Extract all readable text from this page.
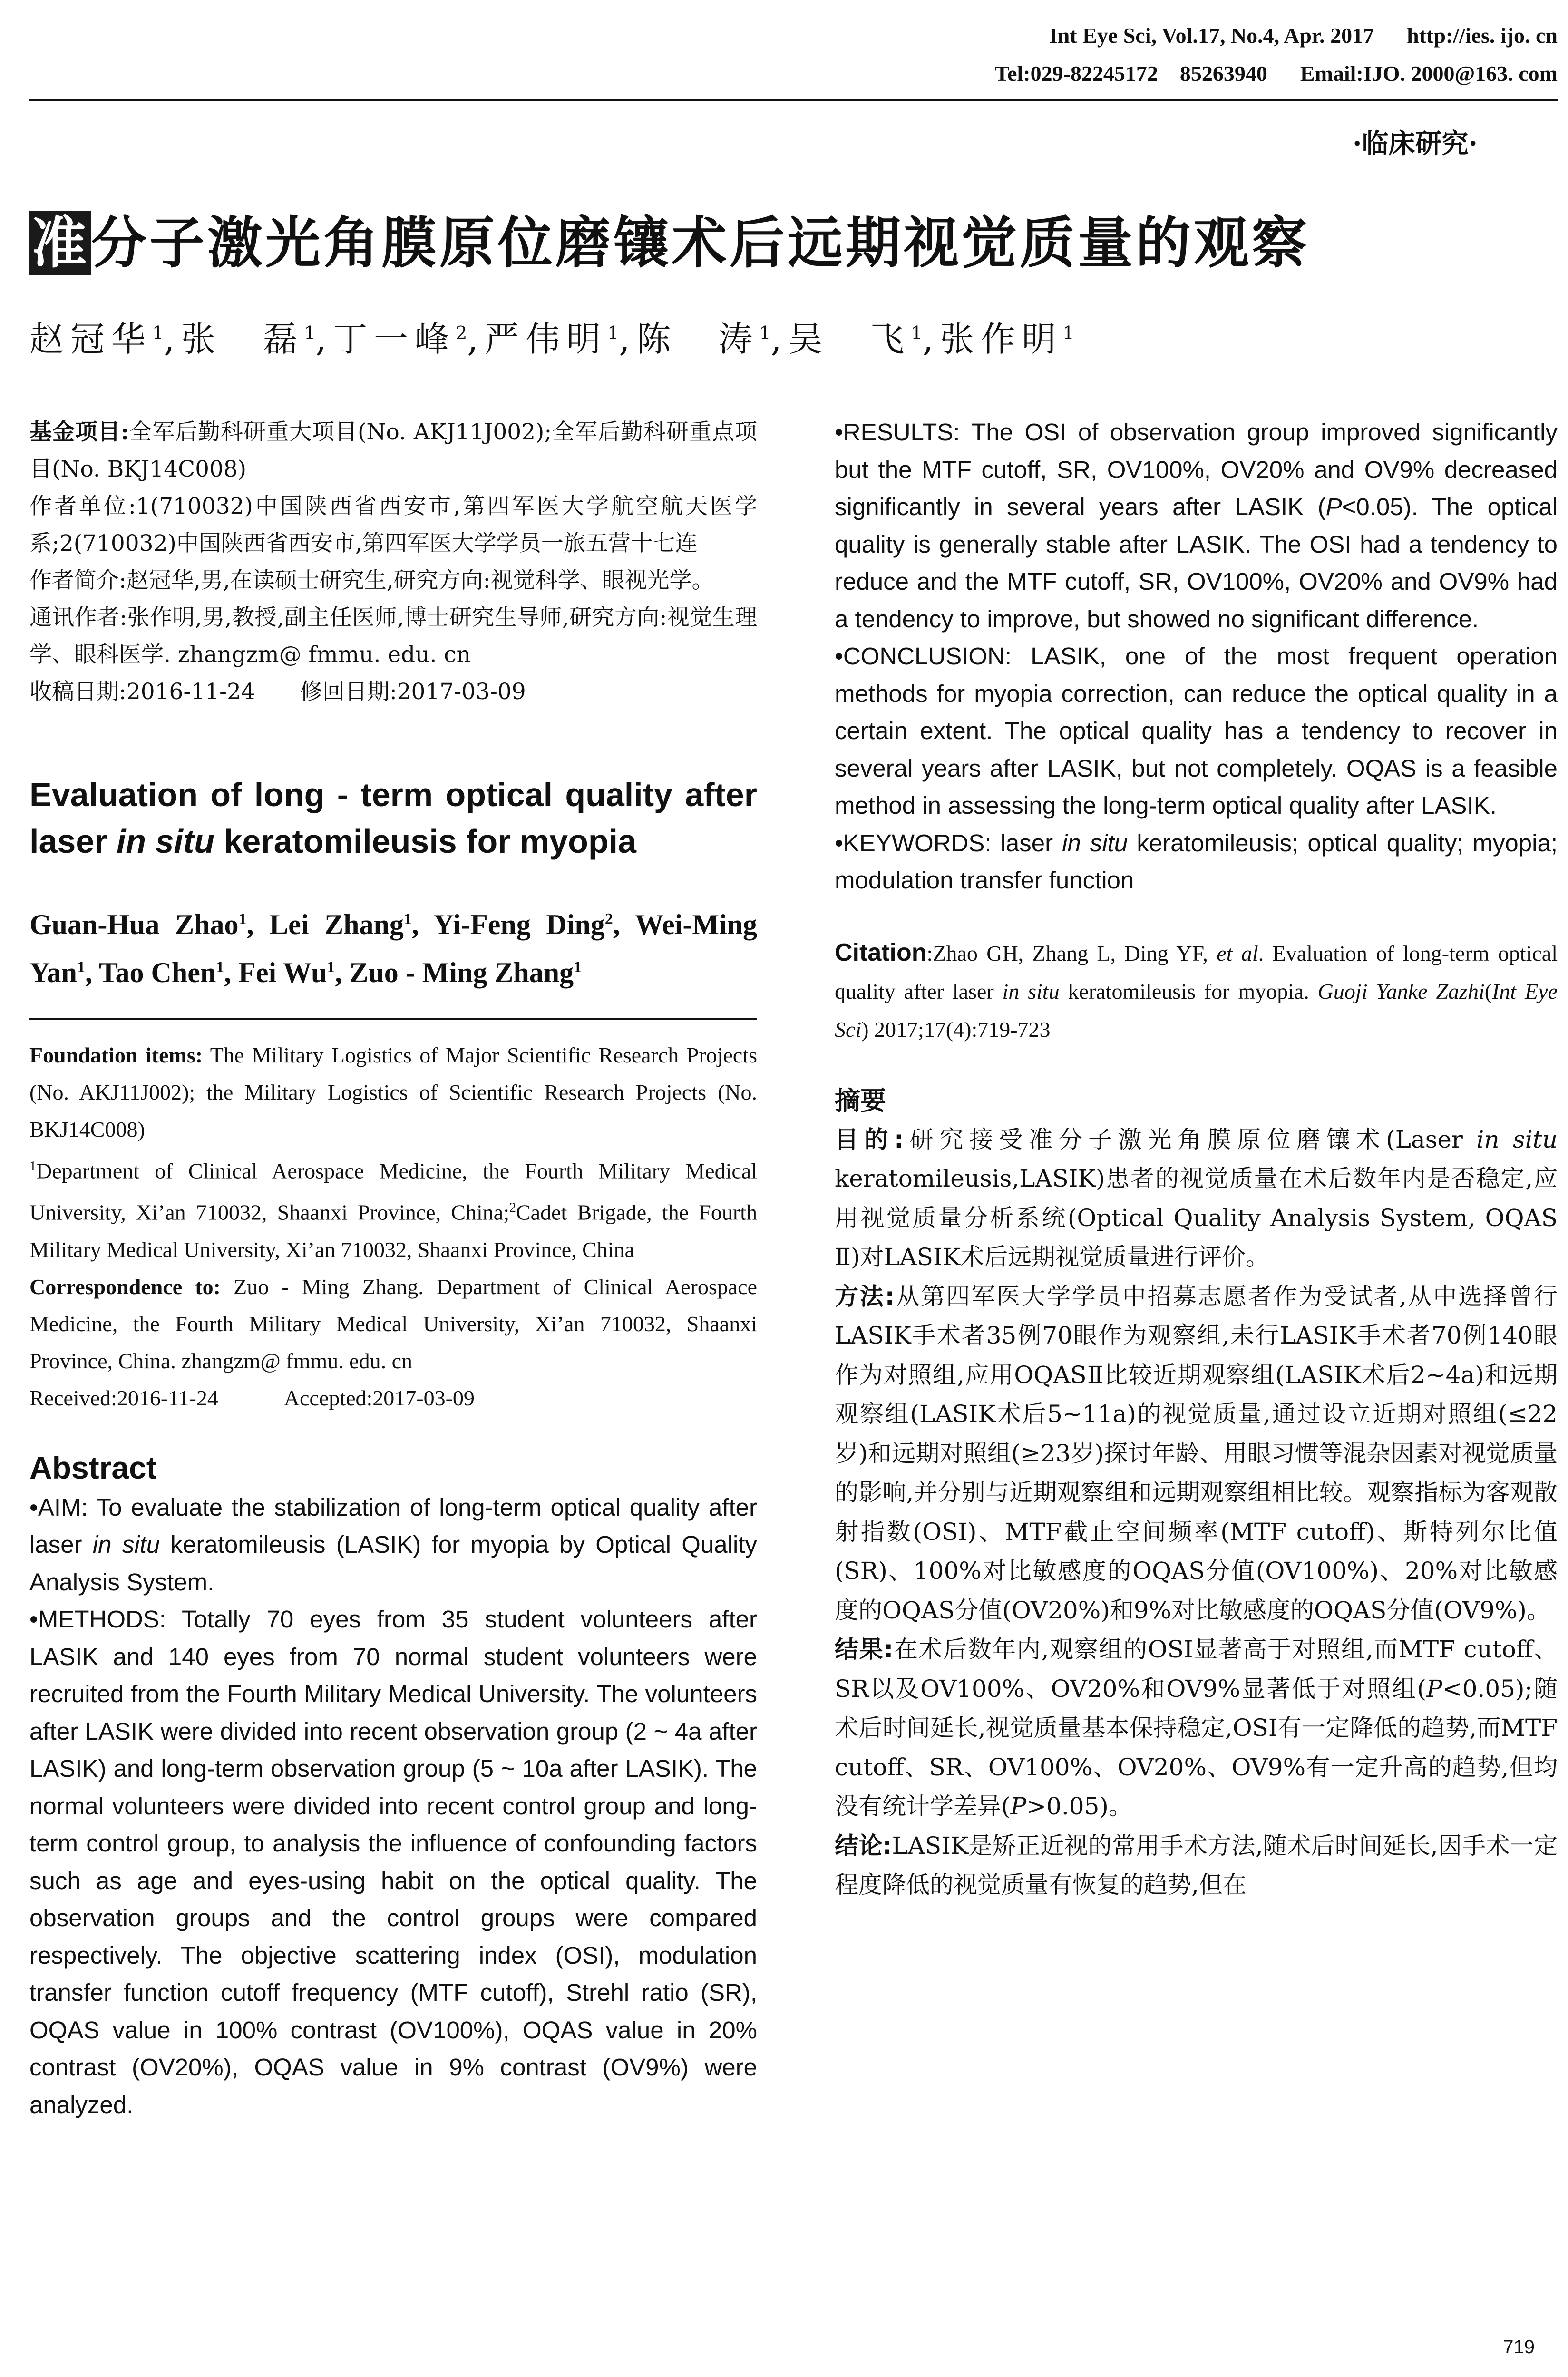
Int Eye Sci, Vol.17, No.4, Apr. 2017      http://ies. ijo. cn
Tel:029-82245172    85263940      Email:IJO. 2000@163. com
·临床研究·
准分子激光角膜原位磨镶术后远期视觉质量的观察
赵冠华$^1$,张　磊$^1$,丁一峰$^2$,严伟明$^1$,陈　涛$^1$,吴　飞$^1$,张作明$^1$

基金项目:全军后勤科研重大项目(No. AKJ11J002);全军后勤科研重点项目(No. BKJ14C008)

作者单位:1(710032)中国陕西省西安市,第四军医大学航空航天医学系;2(710032)中国陕西省西安市,第四军医大学学员一旅五营十七连

作者简介:赵冠华,男,在读硕士研究生,研究方向:视觉科学、眼视光学。

通讯作者:张作明,男,教授,副主任医师,博士研究生导师,研究方向:视觉生理学、眼科医学. zhangzm@ fmmu. edu. cn

收稿日期:2016-11-24　　修回日期:2017-03-09

Evaluation of long - term optical quality after laser in situ keratomileusis for myopia
Guan-Hua Zhao$^1$, Lei Zhang$^1$, Yi-Feng Ding$^2$, Wei-Ming Yan$^1$, Tao Chen$^1$, Fei Wu$^1$, Zuo - Ming Zhang$^1$

Foundation items: The Military Logistics of Major Scientific Research Projects (No. AKJ11J002); the Military Logistics of Scientific Research Projects (No. BKJ14C008)

$^1$Department of Clinical Aerospace Medicine, the Fourth Military Medical University, Xi’an 710032, Shaanxi Province, China;$^2$Cadet Brigade, the Fourth Military Medical University, Xi’an 710032, Shaanxi Province, China

Correspondence to: Zuo - Ming Zhang. Department of Clinical Aerospace Medicine, the Fourth Military Medical University, Xi’an 710032, Shaanxi Province, China. zhangzm@ fmmu. edu. cn

Received:2016-11-24　　　Accepted:2017-03-09

Abstract

•AIM: To evaluate the stabilization of long-term optical quality after laser in situ keratomileusis (LASIK) for myopia by Optical Quality Analysis System.

•METHODS: Totally 70 eyes from 35 student volunteers after LASIK and 140 eyes from 70 normal student volunteers were recruited from the Fourth Military Medical University. The volunteers after LASIK were divided into recent observation group (2 ~ 4a after LASIK) and long-term observation group (5 ~ 10a after LASIK). The normal volunteers were divided into recent control group and long-term control group, to analysis the influence of confounding factors such as age and eyes-using habit on the optical quality. The observation groups and the control groups were compared respectively. The objective scattering index (OSI), modulation transfer function cutoff frequency (MTF cutoff), Strehl ratio (SR), OQAS value in 100% contrast (OV100%), OQAS value in 20% contrast (OV20%), OQAS value in 9% contrast (OV9%) were analyzed.

•RESULTS: The OSI of observation group improved significantly but the MTF cutoff, SR, OV100%, OV20% and OV9% decreased significantly in several years after LASIK (P<0.05). The optical quality is generally stable after LASIK. The OSI had a tendency to reduce and the MTF cutoff, SR, OV100%, OV20% and OV9% had a tendency to improve, but showed no significant difference.

•CONCLUSION: LASIK, one of the most frequent operation methods for myopia correction, can reduce the optical quality in a certain extent. The optical quality has a tendency to recover in several years after LASIK, but not completely. OQAS is a feasible method in assessing the long-term optical quality after LASIK.

•KEYWORDS: laser in situ keratomileusis; optical quality; myopia; modulation transfer function

Citation:Zhao GH, Zhang L, Ding YF, et al. Evaluation of long-term optical quality after laser in situ keratomileusis for myopia. Guoji Yanke Zazhi(Int Eye Sci) 2017;17(4):719-723
摘要

目的:研究接受准分子激光角膜原位磨镶术(Laser in situ keratomileusis,LASIK)患者的视觉质量在术后数年内是否稳定,应用视觉质量分析系统(Optical Quality Analysis System, OQAS Ⅱ)对LASIK术后远期视觉质量进行评价。

方法:从第四军医大学学员中招募志愿者作为受试者,从中选择曾行LASIK手术者35例70眼作为观察组,未行LASIK手术者70例140眼作为对照组,应用OQASⅡ比较近期观察组(LASIK术后2~4a)和远期观察组(LASIK术后5~11a)的视觉质量,通过设立近期对照组(≤22岁)和远期对照组(≥23岁)探讨年龄、用眼习惯等混杂因素对视觉质量的影响,并分别与近期观察组和远期观察组相比较。观察指标为客观散射指数(OSI)、MTF截止空间频率(MTF cutoff)、斯特列尔比值(SR)、100%对比敏感度的OQAS分值(OV100%)、20%对比敏感度的OQAS分值(OV20%)和9%对比敏感度的OQAS分值(OV9%)。

结果:在术后数年内,观察组的OSI显著高于对照组,而MTF cutoff、SR以及OV100%、OV20%和OV9%显著低于对照组(P<0.05);随术后时间延长,视觉质量基本保持稳定,OSI有一定降低的趋势,而MTF cutoff、SR、OV100%、OV20%、OV9%有一定升高的趋势,但均没有统计学差异(P>0.05)。

结论:LASIK是矫正近视的常用手术方法,随术后时间延长,因手术一定程度降低的视觉质量有恢复的趋势,但在

719
